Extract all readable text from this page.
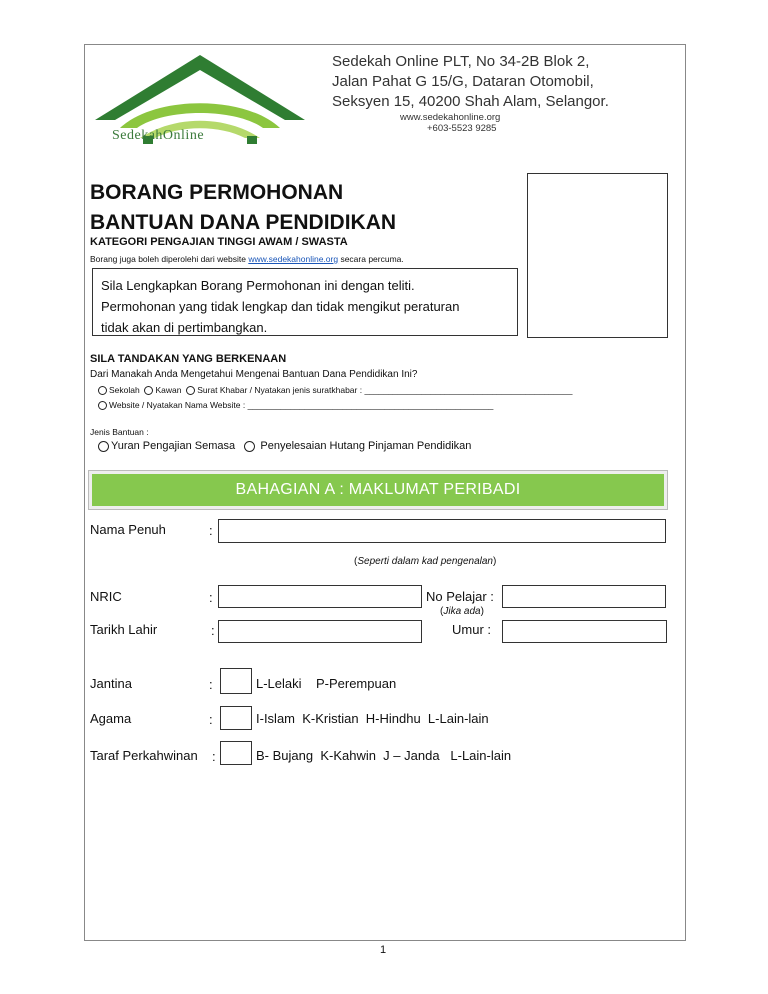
SedekahOnline
Sedekah Online PLT, No 34-2B Blok 2,
Jalan Pahat G 15/G, Dataran Otomobil,
Seksyen 15, 40200 Shah Alam, Selangor.
www.sedekahonline.org
+603-5523 9285
BORANG PERMOHONAN
BANTUAN DANA PENDIDIKAN
KATEGORI PENGAJIAN TINGGI AWAM / SWASTA
Borang juga boleh diperolehi dari website www.sedekahonline.org secara percuma.
Sila Lengkapkan Borang Permohonan ini dengan teliti.
Permohonan yang tidak lengkap dan tidak mengikut peraturan
tidak akan di pertimbangkan.
SILA TANDAKAN YANG BERKENAAN
Dari Manakah Anda Mengetahui Mengenai Bantuan Dana Pendidikan Ini?
Sekolah Kawan Surat Khabar / Nyatakan jenis suratkhabar : ____________________________________________
Website / Nyatakan Nama Website : ____________________________________________________
Jenis Bantuan :
Yuran Pengajian Semasa Penyelesaian Hutang Pinjaman Pendidikan
BAHAGIAN A : MAKLUMAT PERIBADI
Nama Penuh	:
(Seperti dalam kad pengenalan)
NRIC	:	No Pelajar :
(Jika ada)
Tarikh Lahir	:	Umur :
Jantina	:	L-Lelaki    P-Perempuan
Agama	:	I-Islam  K-Kristian  H-Hindhu  L-Lain-lain
Taraf Perkahwinan :	B- Bujang  K-Kahwin  J – Janda   L-Lain-lain
1
